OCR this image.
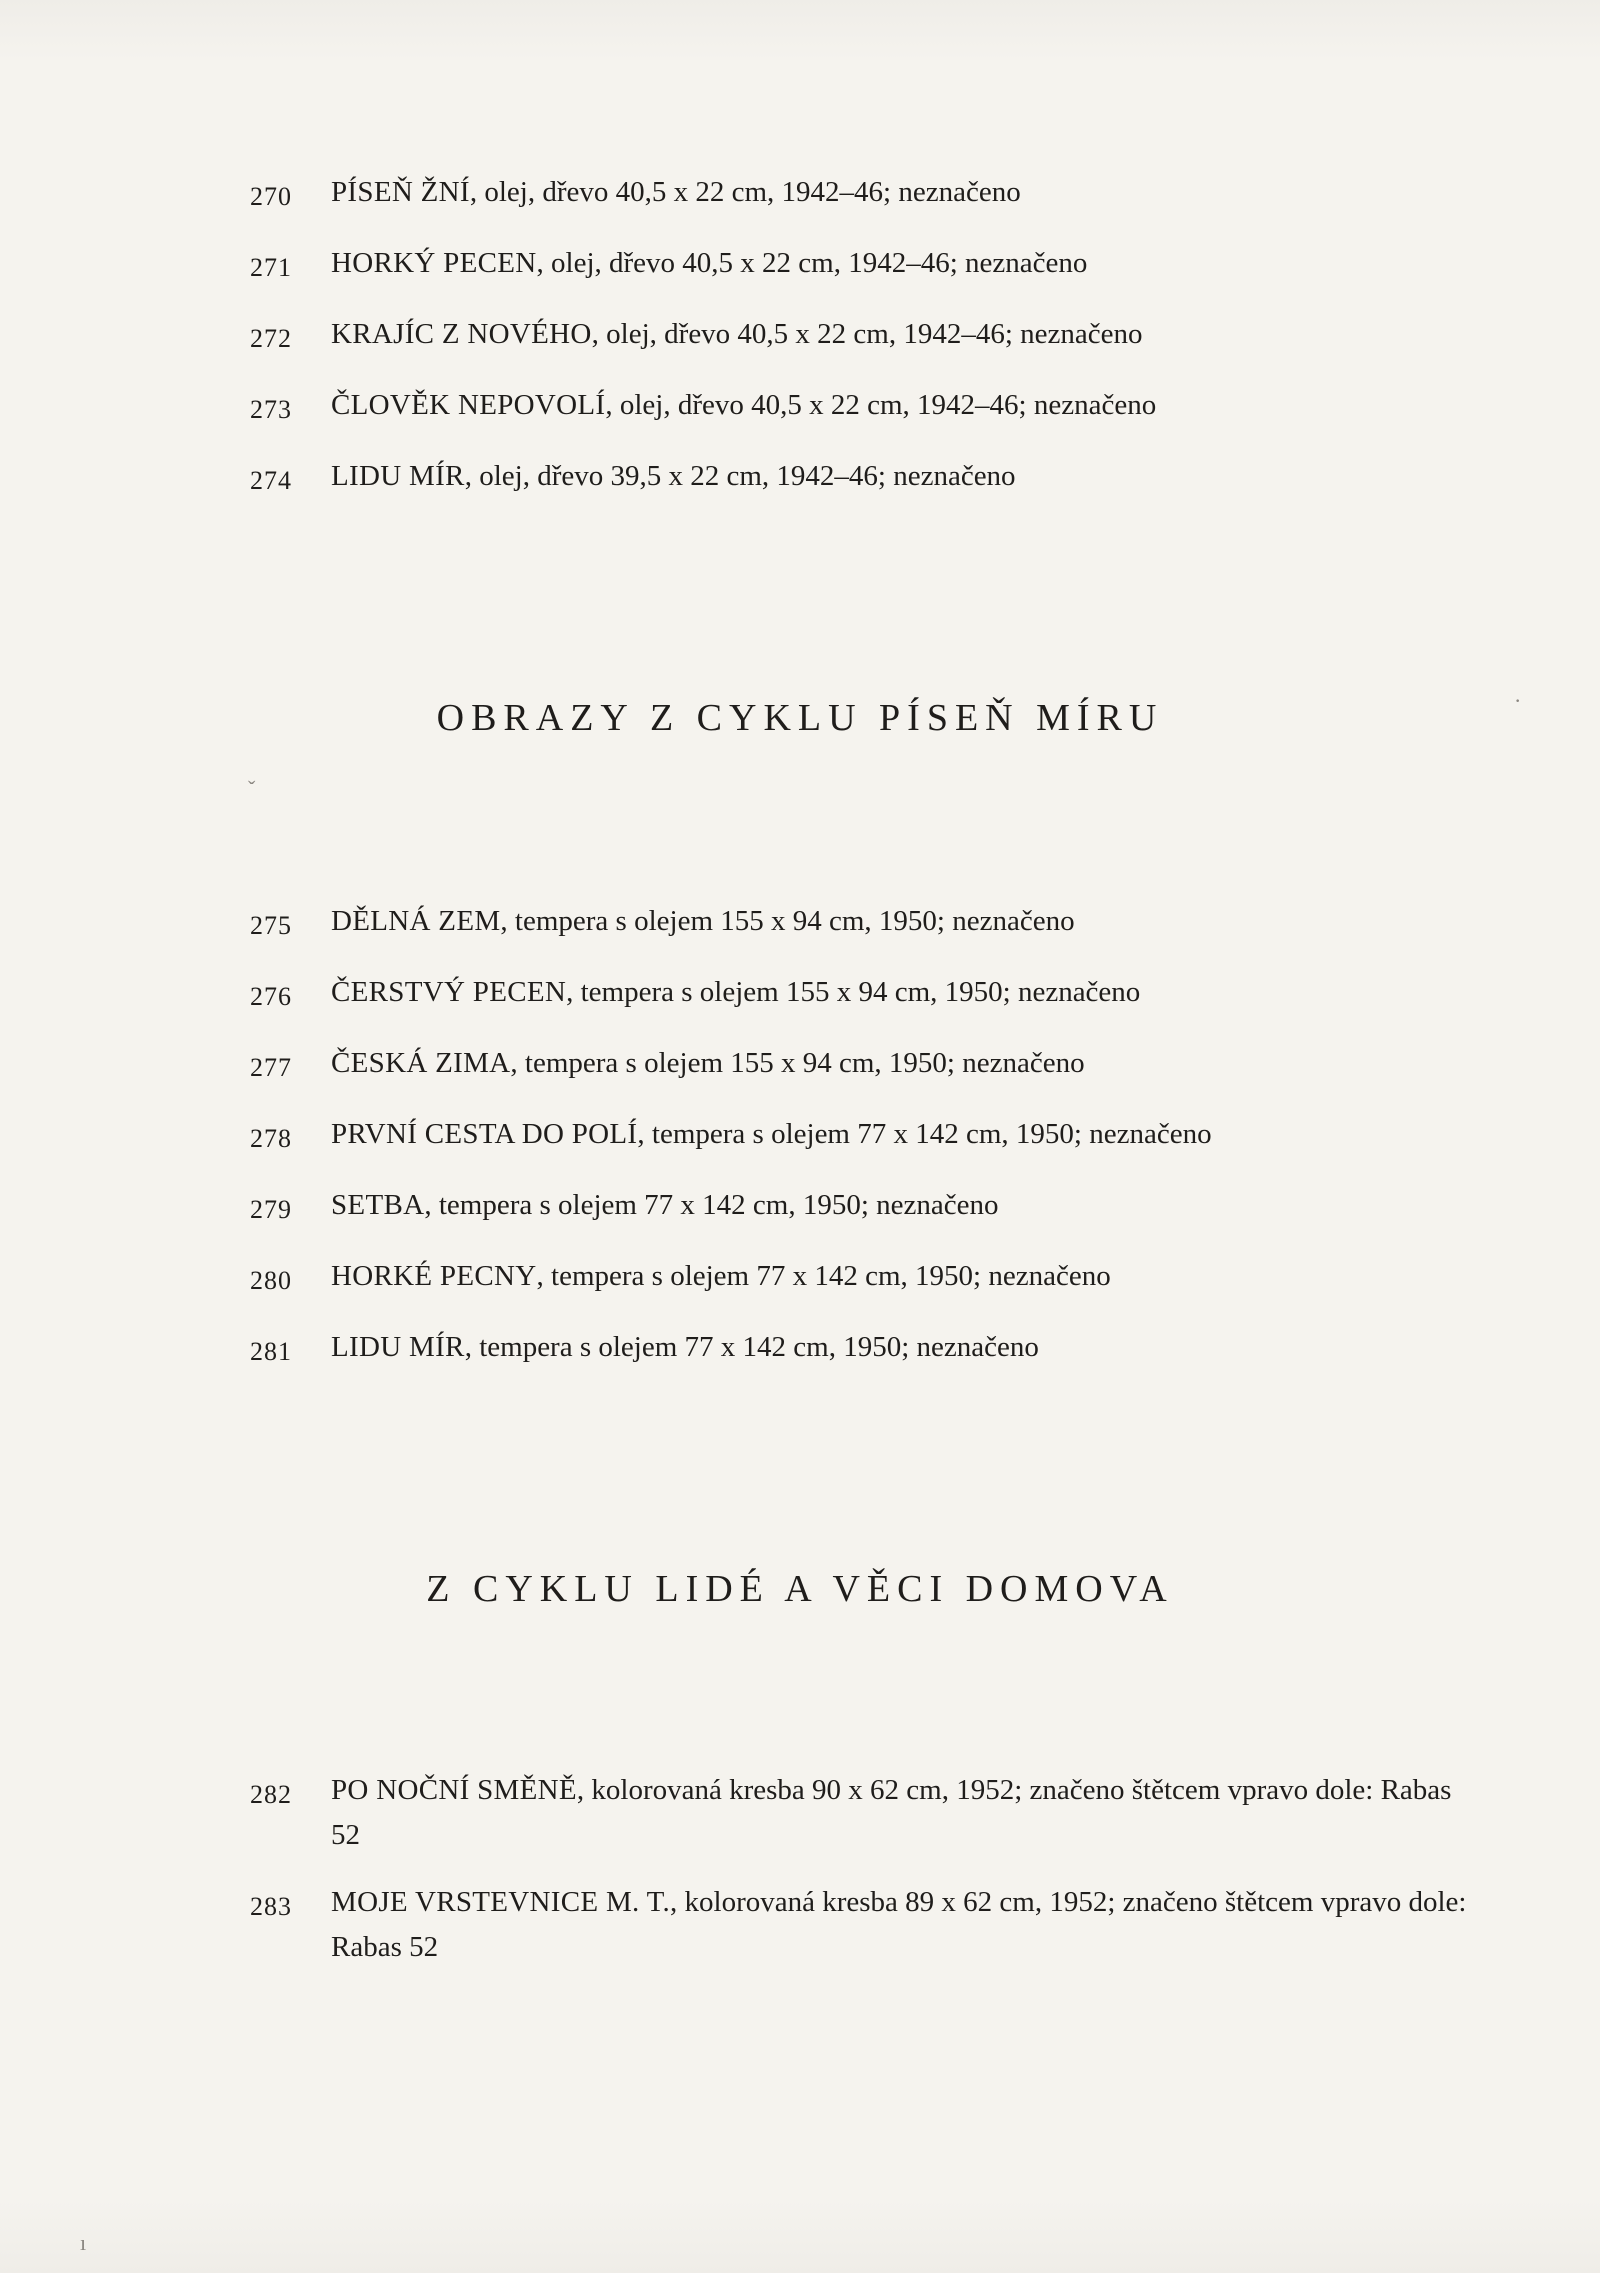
270	PÍSEŇ ŽNÍ, olej, dřevo 40,5 x 22 cm, 1942–46; neznačeno
271	HORKÝ PECEN, olej, dřevo 40,5 x 22 cm, 1942–46; neznačeno
272	KRAJÍC Z NOVÉHO, olej, dřevo 40,5 x 22 cm, 1942–46; neznačeno
273	ČLOVĚK NEPOVOLÍ, olej, dřevo 40,5 x 22 cm, 1942–46; neznačeno
274	LIDU MÍR, olej, dřevo 39,5 x 22 cm, 1942–46; neznačeno
OBRAZY Z CYKLU PÍSEŇ MÍRU
275	DĚLNÁ ZEM, tempera s olejem 155 x 94 cm, 1950; neznačeno
276	ČERSTVÝ PECEN, tempera s olejem 155 x 94 cm, 1950; neznačeno
277	ČESKÁ ZIMA, tempera s olejem 155 x 94 cm, 1950; neznačeno
278	PRVNÍ CESTA DO POLÍ, tempera s olejem 77 x 142 cm, 1950; neznačeno
279	SETBA, tempera s olejem 77 x 142 cm, 1950; neznačeno
280	HORKÉ PECNY, tempera s olejem 77 x 142 cm, 1950; neznačeno
281	LIDU MÍR, tempera s olejem 77 x 142 cm, 1950; neznačeno
Z CYKLU LIDÉ A VĚCI DOMOVA
282	PO NOČNÍ SMĚNĚ, kolorovaná kresba 90 x 62 cm, 1952; značeno štětcem vpravo dole: Rabas 52
283	MOJE VRSTEVNICE M. T., kolorovaná kresba 89 x 62 cm, 1952; značeno štětcem vpravo dole: Rabas 52
·
ˇ
ı
